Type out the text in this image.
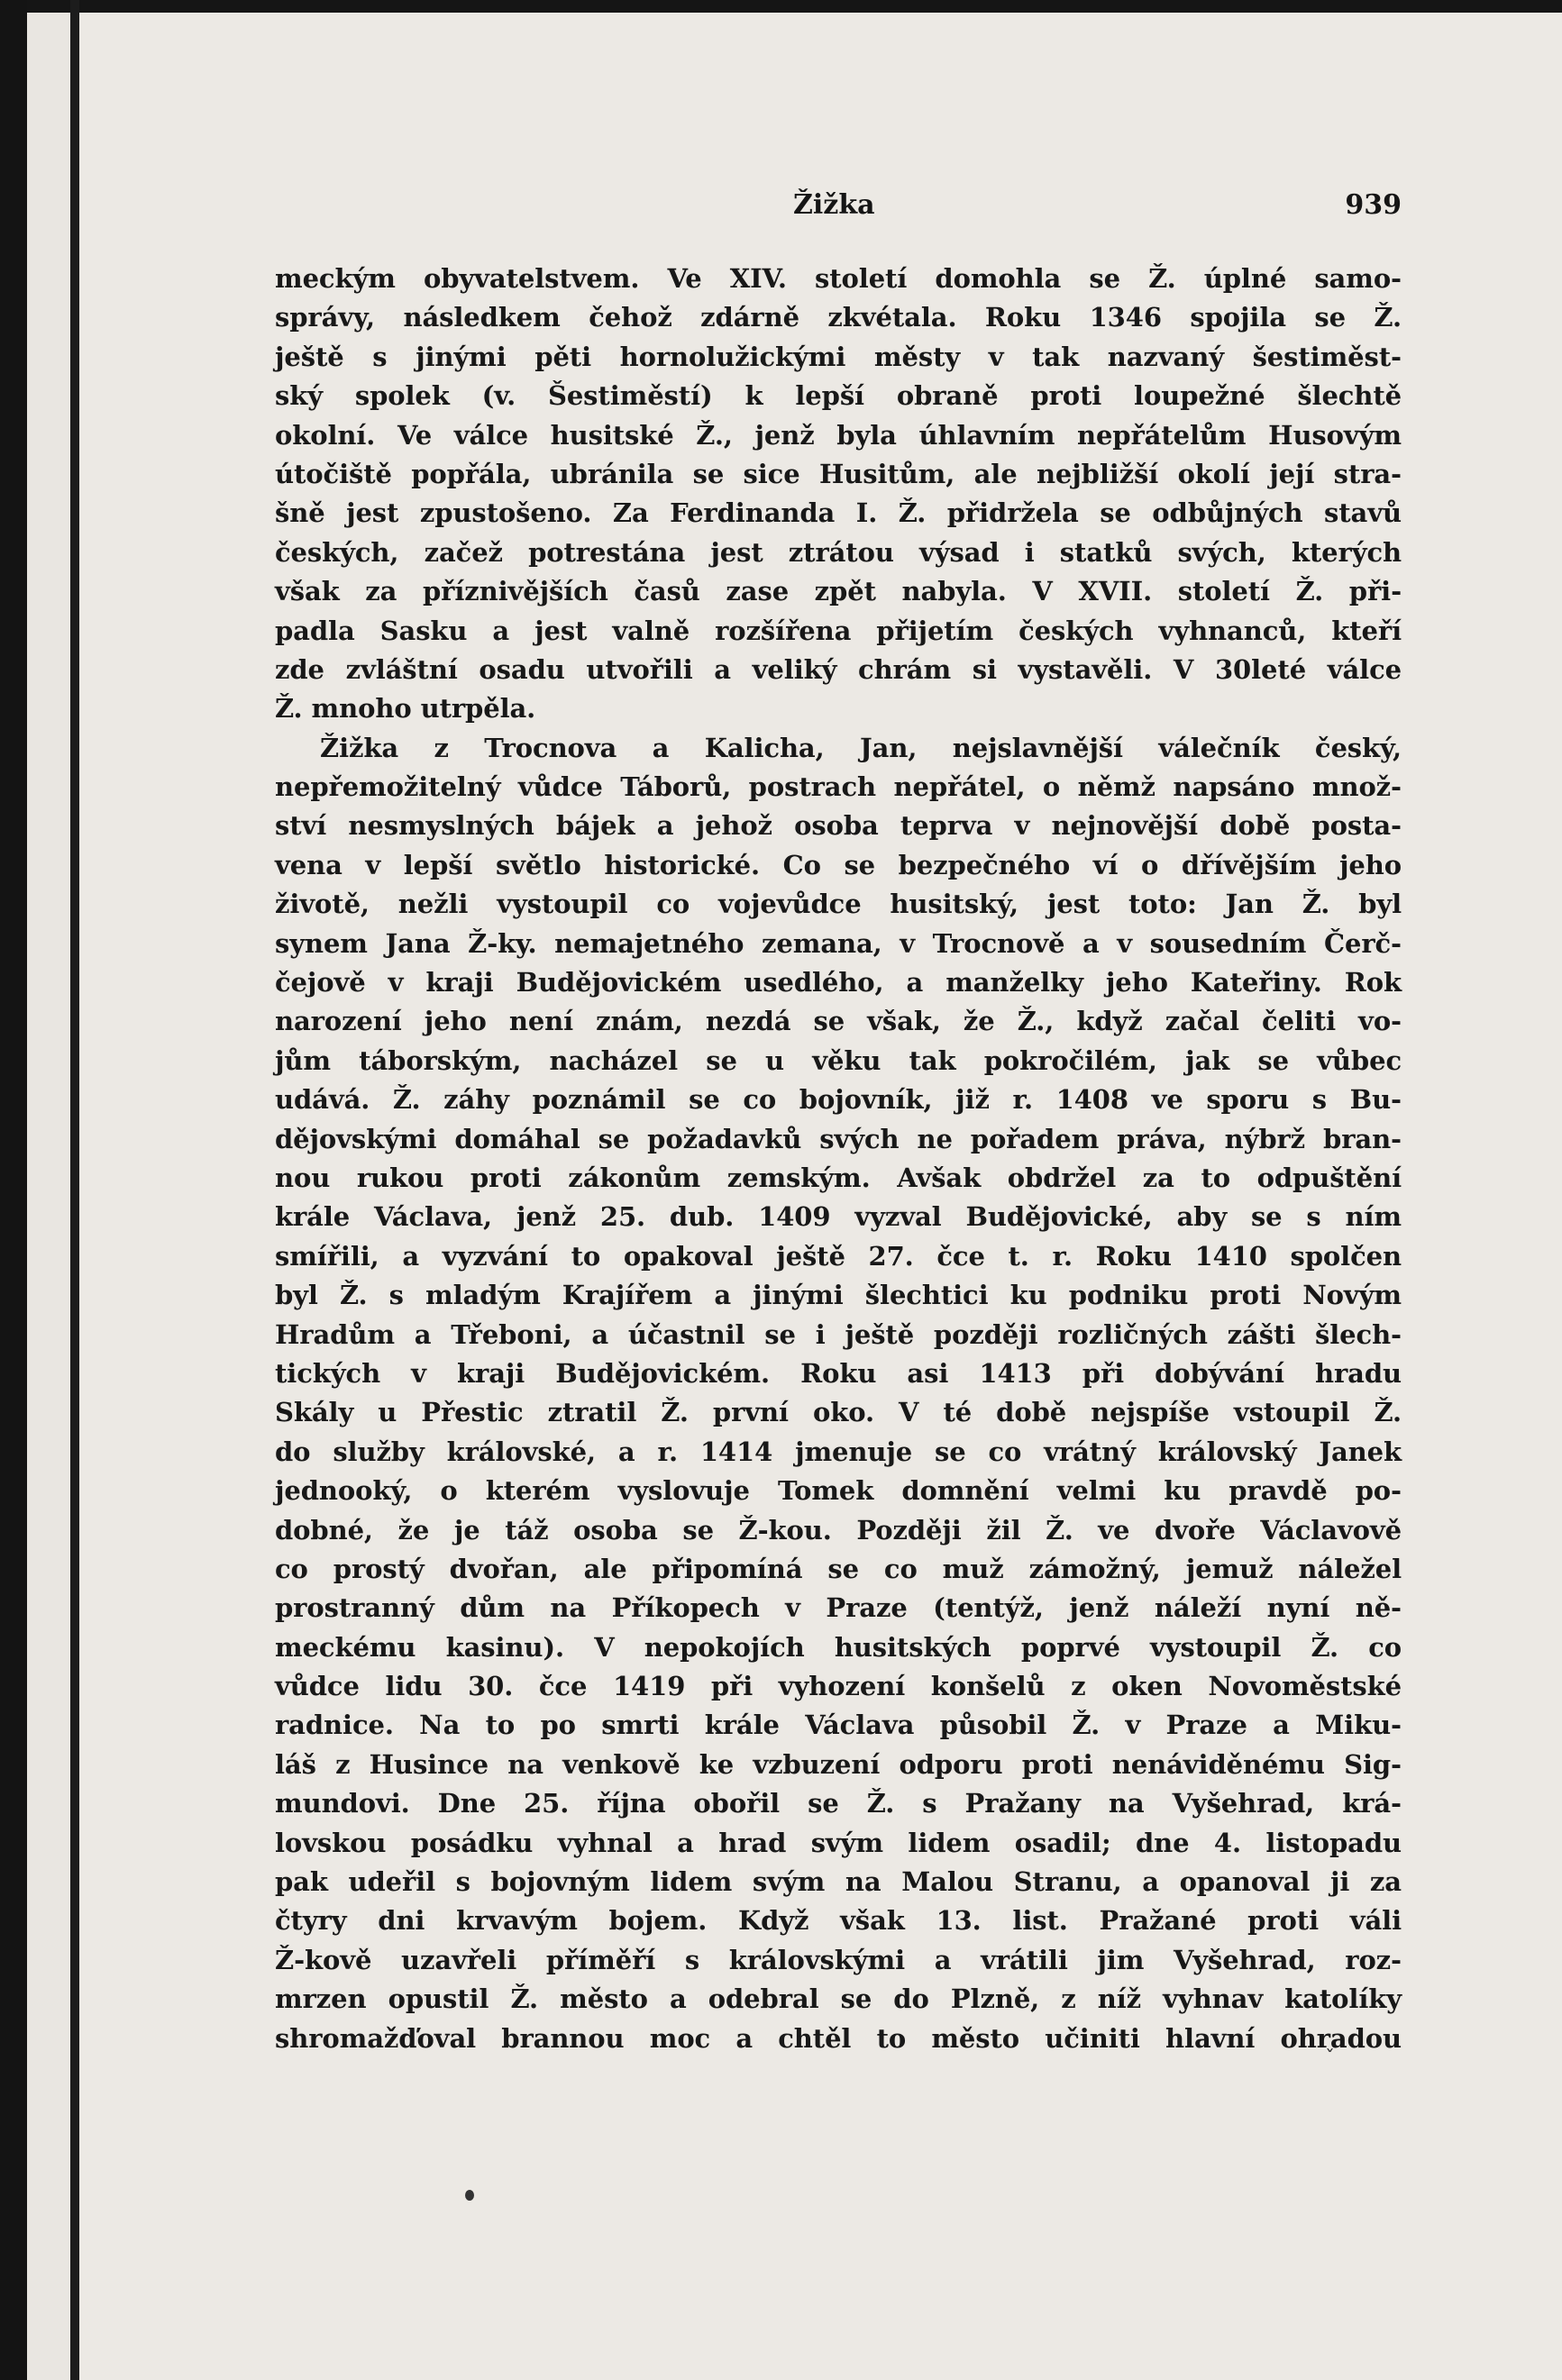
Žižka	939
meckým obyvatelstvem. Ve XIV. století domohla se Ž. úplné samo-
správy, následkem čehož zdárně zkvétala. Roku 1346 spojila se Ž.
ještě s jinými pěti hornolužickými městy v tak nazvaný šestiměst-
ský spolek (v. Šestiměstí) k lepší obraně proti loupežné šlechtě
okolní. Ve válce husitské Ž., jenž byla úhlavním nepřátelům Husovým
útočiště popřála, ubránila se sice Husitům, ale nejbližší okolí její stra-
šně jest zpustošeno. Za Ferdinanda I. Ž. přidržela se odbůjných stavů
českých, začež potrestána jest ztrátou výsad i statků svých, kterých
však za příznivějších časů zase zpět nabyla. V XVII. století Ž. při-
padla Sasku a jest valně rozšířena přijetím českých vyhnanců, kteří
zde zvláštní osadu utvořili a veliký chrám si vystavěli. V 30leté válce
Ž. mnoho utrpěla.
Žižka z Trocnova a Kalicha, Jan, nejslavnější válečník český,
nepřemožitelný vůdce Táborů, postrach nepřátel, o němž napsáno množ-
ství nesmyslných bájek a jehož osoba teprva v nejnovější době posta-
vena v lepší světlo historické. Co se bezpečného ví o dřívějším jeho
životě, nežli vystoupil co vojevůdce husitský, jest toto: Jan Ž. byl
synem Jana Ž-ky. nemajetného zemana, v Trocnově a v sousedním Čerč-
čejově v kraji Budějovickém usedlého, a manželky jeho Kateřiny. Rok
narození jeho není znám, nezdá se však, že Ž., když začal čeliti vo-
jům táborským, nacházel se u věku tak pokročilém, jak se vůbec
udává. Ž. záhy poznámil se co bojovník, již r. 1408 ve sporu s Bu-
dějovskými domáhal se požadavků svých ne pořadem práva, nýbrž bran-
nou rukou proti zákonům zemským. Avšak obdržel za to odpuštění
krále Václava, jenž 25. dub. 1409 vyzval Budějovické, aby se s ním
smířili, a vyzvání to opakoval ještě 27. čce t. r. Roku 1410 spolčen
byl Ž. s mladým Krajířem a jinými šlechtici ku podniku proti Novým
Hradům a Třeboni, a účastnil se i ještě později rozličných zášti šlech-
tických v kraji Budějovickém. Roku asi 1413 při dobývání hradu
Skály u Přestic ztratil Ž. první oko. V té době nejspíše vstoupil Ž.
do služby královské, a r. 1414 jmenuje se co vrátný královský Janek
jednooký, o kterém vyslovuje Tomek domnění velmi ku pravdě po-
dobné, že je táž osoba se Ž-kou. Později žil Ž. ve dvoře Václavově
co prostý dvořan, ale připomíná se co muž zámožný, jemuž náležel
prostranný dům na Příkopech v Praze (tentýž, jenž náleží nyní ně-
meckému kasinu). V nepokojích husitských poprvé vystoupil Ž. co
vůdce lidu 30. čce 1419 při vyhození konšelů z oken Novoměstské
radnice. Na to po smrti krále Václava působil Ž. v Praze a Miku-
láš z Husince na venkově ke vzbuzení odporu proti nenáviděnému Sig-
mundovi. Dne 25. října obořil se Ž. s Pražany na Vyšehrad, krá-
lovskou posádku vyhnal a hrad svým lidem osadil; dne 4. listopadu
pak udeřil s bojovným lidem svým na Malou Stranu, a opanoval ji za
čtyry dni krvavým bojem. Když však 13. list. Pražané proti váli
Ž-kově uzavřeli příměří s královskými a vrátili jim Vyšehrad, roz-
mrzen opustil Ž. město a odebral se do Plzně, z níž vyhnav katolíky
shromažďoval brannou moc a chtěl to město učiniti hlavní ohradou
ˇ
